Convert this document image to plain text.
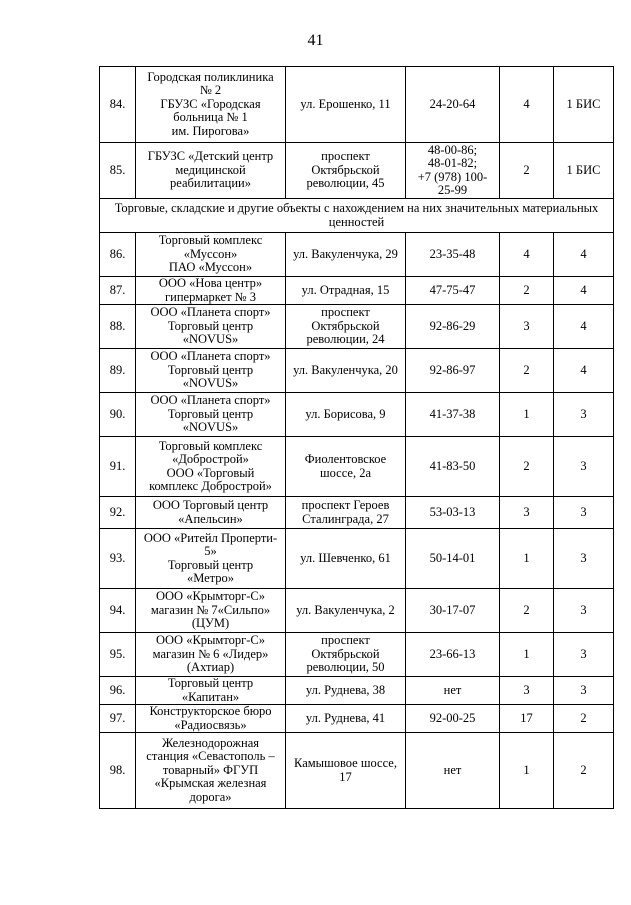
41
84.	Городская поликлиника
№ 2
ГБУЗС «Городская
больница № 1
им. Пирогова»	ул. Ерошенко, 11	24-20-64	4	1 БИС
85.	ГБУЗС «Детский центр
медицинской
реабилитации»	проспект
Октябрьской
революции, 45	48-00-86;
48-01-82;
+7 (978) 100-
25-99	2	1 БИС
Торговые, складские и другие объекты с нахождением на них значительных материальных
ценностей					
86.	Торговый комплекс
«Муссон»
ПАО «Муссон»	ул. Вакуленчука, 29	23-35-48	4	4
87.	ООО «Нова центр»
гипермаркет № 3	ул. Отрадная, 15	47-75-47	2	4
88.	ООО «Планета спорт»
Торговый центр
«NOVUS»	проспект
Октябрьской
революции, 24	92-86-29	3	4
89.	ООО «Планета спорт»
Торговый центр
«NOVUS»	ул. Вакуленчука, 20	92-86-97	2	4
90.	ООО «Планета спорт»
Торговый центр
«NOVUS»	ул. Борисова, 9	41-37-38	1	3
91.	Торговый комплекс
«Добрострой»
ООО «Торговый
комплекс Добрострой»	Фиолентовское
шоссе, 2а	41-83-50	2	3
92.	ООО Торговый центр
«Апельсин»	проспект Героев
Сталинграда, 27	53-03-13	3	3
93.	ООО «Ритейл Проперти-
5»
Торговый центр
«Метро»	ул. Шевченко, 61	50-14-01	1	3
94.	ООО «Крымторг-С»
магазин № 7«Сильпо»
(ЦУМ)	ул. Вакуленчука, 2	30-17-07	2	3
95.	ООО «Крымторг-С»
магазин № 6 «Лидер»
(Ахтиар)	проспект
Октябрьской
революции, 50	23-66-13	1	3
96.	Торговый центр
«Капитан»	ул. Руднева, 38	нет	3	3
97.	Конструкторское бюро
«Радиосвязь»	ул. Руднева, 41	92-00-25	17	2
98.	Железнодорожная
станция «Севастополь –
товарный» ФГУП
«Крымская железная
дорога»	Камышовое шоссе,
17	нет	1	2
